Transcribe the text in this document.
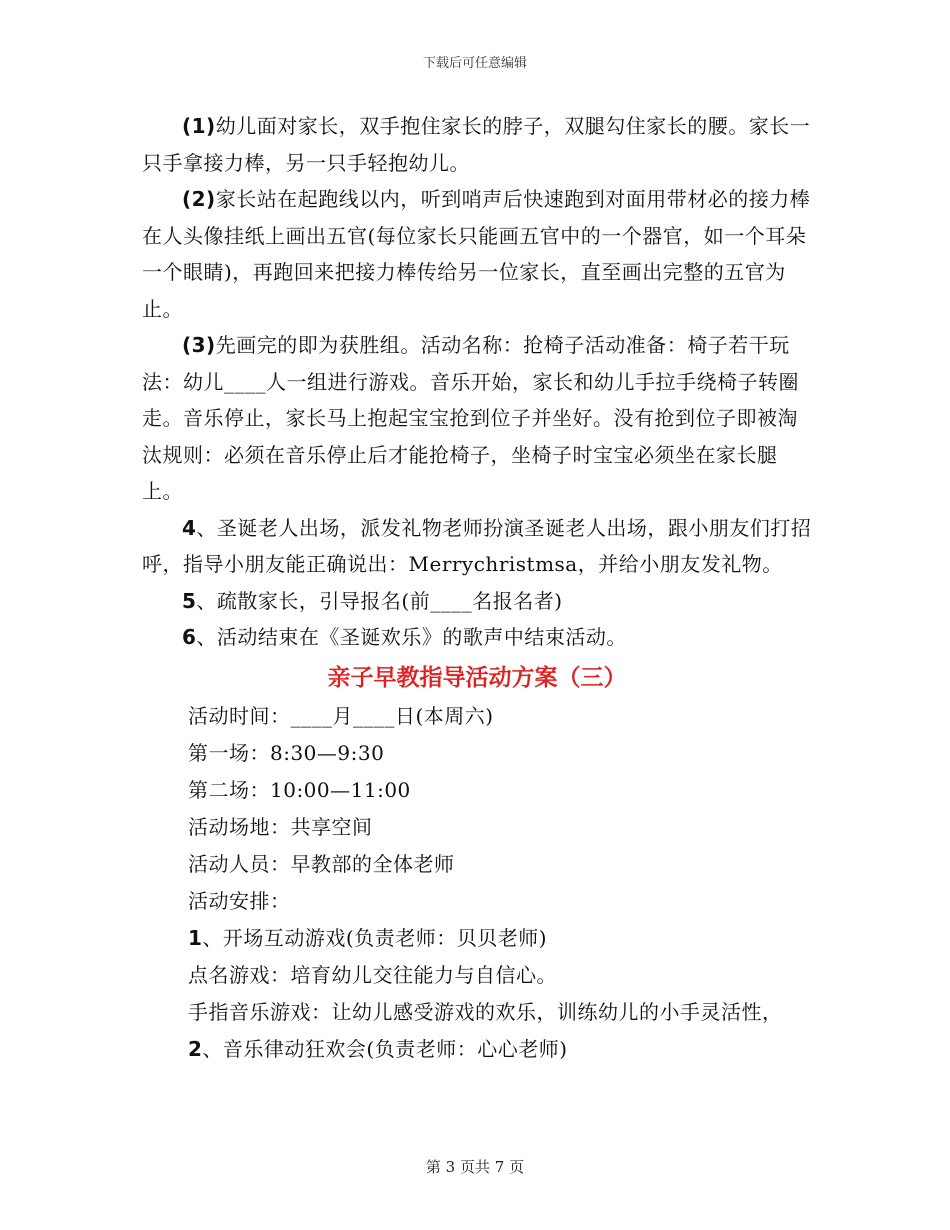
下载后可任意编辑

(1)幼儿面对家长，双手抱住家长的脖子，双腿勾住家长的腰。家长一只手拿接力棒，另一只手轻抱幼儿。

(2)家长站在起跑线以内，听到哨声后快速跑到对面用带材必的接力棒在人头像挂纸上画出五官(每位家长只能画五官中的一个器官，如一个耳朵一个眼睛)，再跑回来把接力棒传给另一位家长，直至画出完整的五官为止。

(3)先画完的即为获胜组。活动名称：抢椅子活动准备：椅子若干玩法：幼儿____人一组进行游戏。音乐开始，家长和幼儿手拉手绕椅子转圈走。音乐停止，家长马上抱起宝宝抢到位子并坐好。没有抢到位子即被淘汰规则：必须在音乐停止后才能抢椅子，坐椅子时宝宝必须坐在家长腿上。

4、圣诞老人出场，派发礼物老师扮演圣诞老人出场，跟小朋友们打招呼，指导小朋友能正确说出：Merrychristmsa，并给小朋友发礼物。

5、疏散家长，引导报名(前____名报名者)

6、活动结束在《圣诞欢乐》的歌声中结束活动。

亲子早教指导活动方案（三）
活动时间：____月____日(本周六)
第一场：8:30—9:30
第二场：10:00—11:00
活动场地：共享空间
活动人员：早教部的全体老师
活动安排：
1、开场互动游戏(负责老师：贝贝老师)
点名游戏：培育幼儿交往能力与自信心。
手指音乐游戏：让幼儿感受游戏的欢乐，训练幼儿的小手灵活性，
2、音乐律动狂欢会(负责老师：心心老师)
第 3 页共 7 页
